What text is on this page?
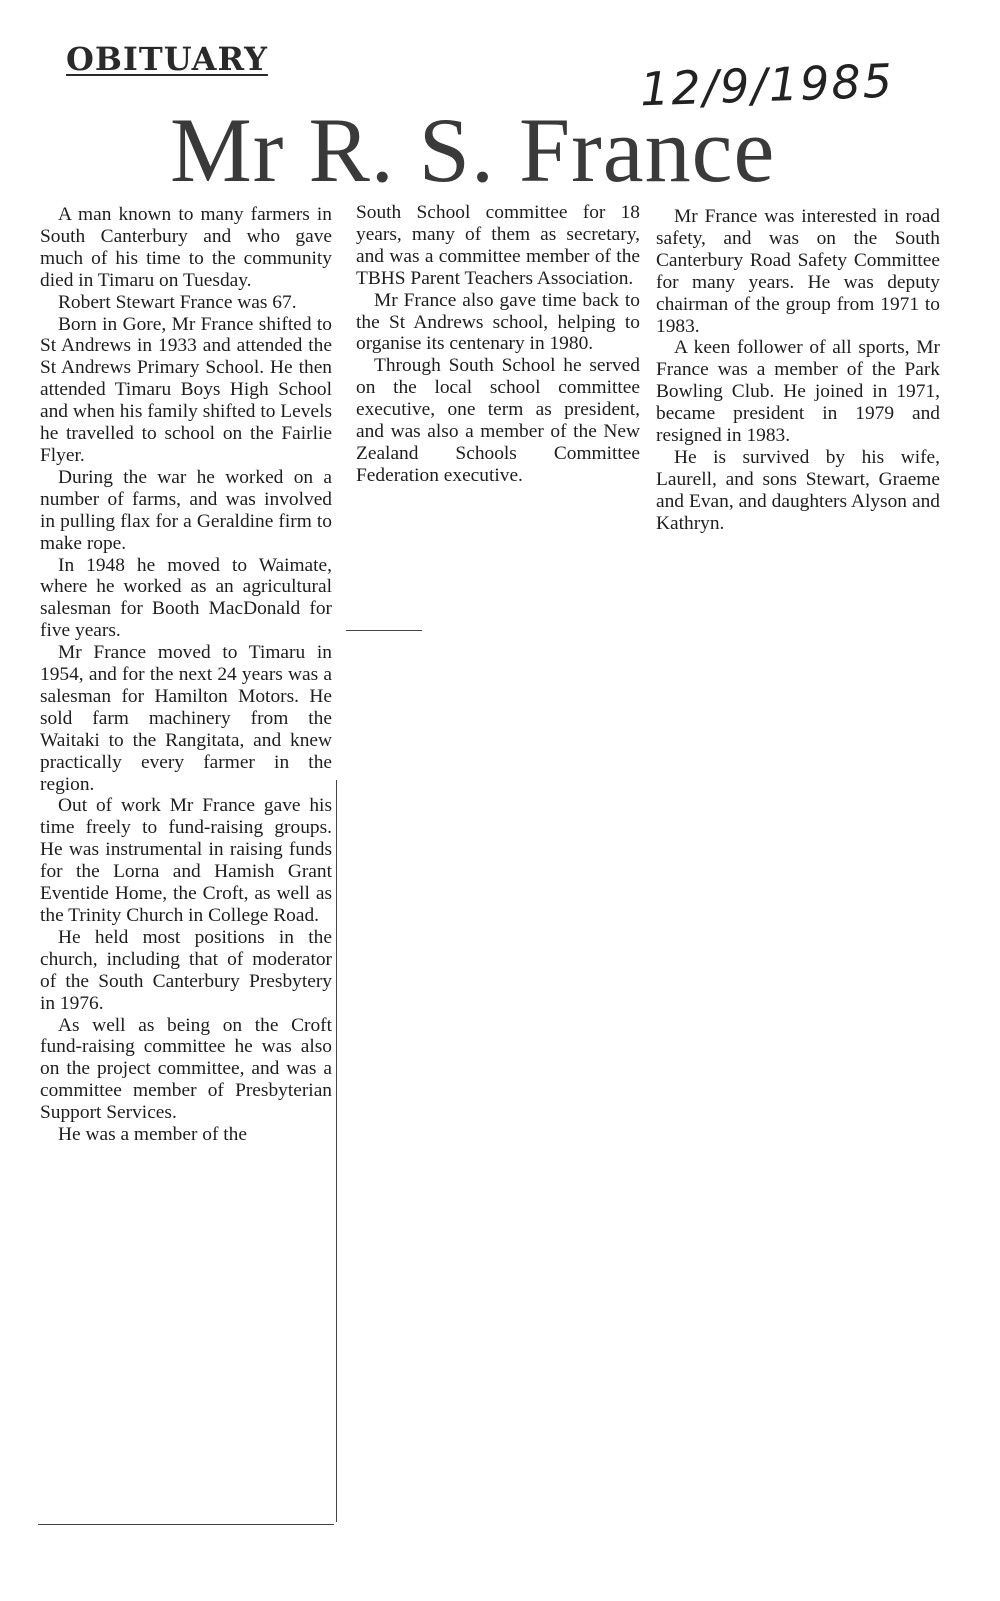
OBITUARY	12/9/1985
Mr R. S. France

A man known to many farmers in South Canterbury and who gave much of his time to the community died in Timaru on Tuesday.

Robert Stewart France was 67.

Born in Gore, Mr France shifted to St Andrews in 1933 and attended the St Andrews Primary School. He then attended Timaru Boys High School and when his family shifted to Levels he travelled to school on the Fairlie Flyer.

During the war he worked on a number of farms, and was involved in pulling flax for a Geraldine firm to make rope.

In 1948 he moved to Waimate, where he worked as an agricultural salesman for Booth MacDonald for five years.

Mr France moved to Timaru in 1954, and for the next 24 years was a salesman for Hamilton Motors. He sold farm machinery from the Waitaki to the Rangitata, and knew practically every farmer in the region.

Out of work Mr France gave his time freely to fund-raising groups. He was instrumental in raising funds for the Lorna and Hamish Grant Eventide Home, the Croft, as well as the Trinity Church in College Road.

He held most positions in the church, including that of moderator of the South Canterbury Presbytery in 1976.

As well as being on the Croft fund-raising committee he was also on the project committee, and was a committee member of Presbyterian Support Services.

He was a member of the

South School committee for 18 years, many of them as secretary, and was a committee member of the TBHS Parent Teachers Association.

Mr France also gave time back to the St Andrews school, helping to organise its centenary in 1980.

Through South School he served on the local school committee executive, one term as president, and was also a member of the New Zealand Schools Committee Federation executive.

Mr France was interested in road safety, and was on the South Canterbury Road Safety Committee for many years. He was deputy chairman of the group from 1971 to 1983.

A keen follower of all sports, Mr France was a member of the Park Bowling Club. He joined in 1971, became president in 1979 and resigned in 1983.

He is survived by his wife, Laurell, and sons Stewart, Graeme and Evan, and daughters Alyson and Kathryn.
